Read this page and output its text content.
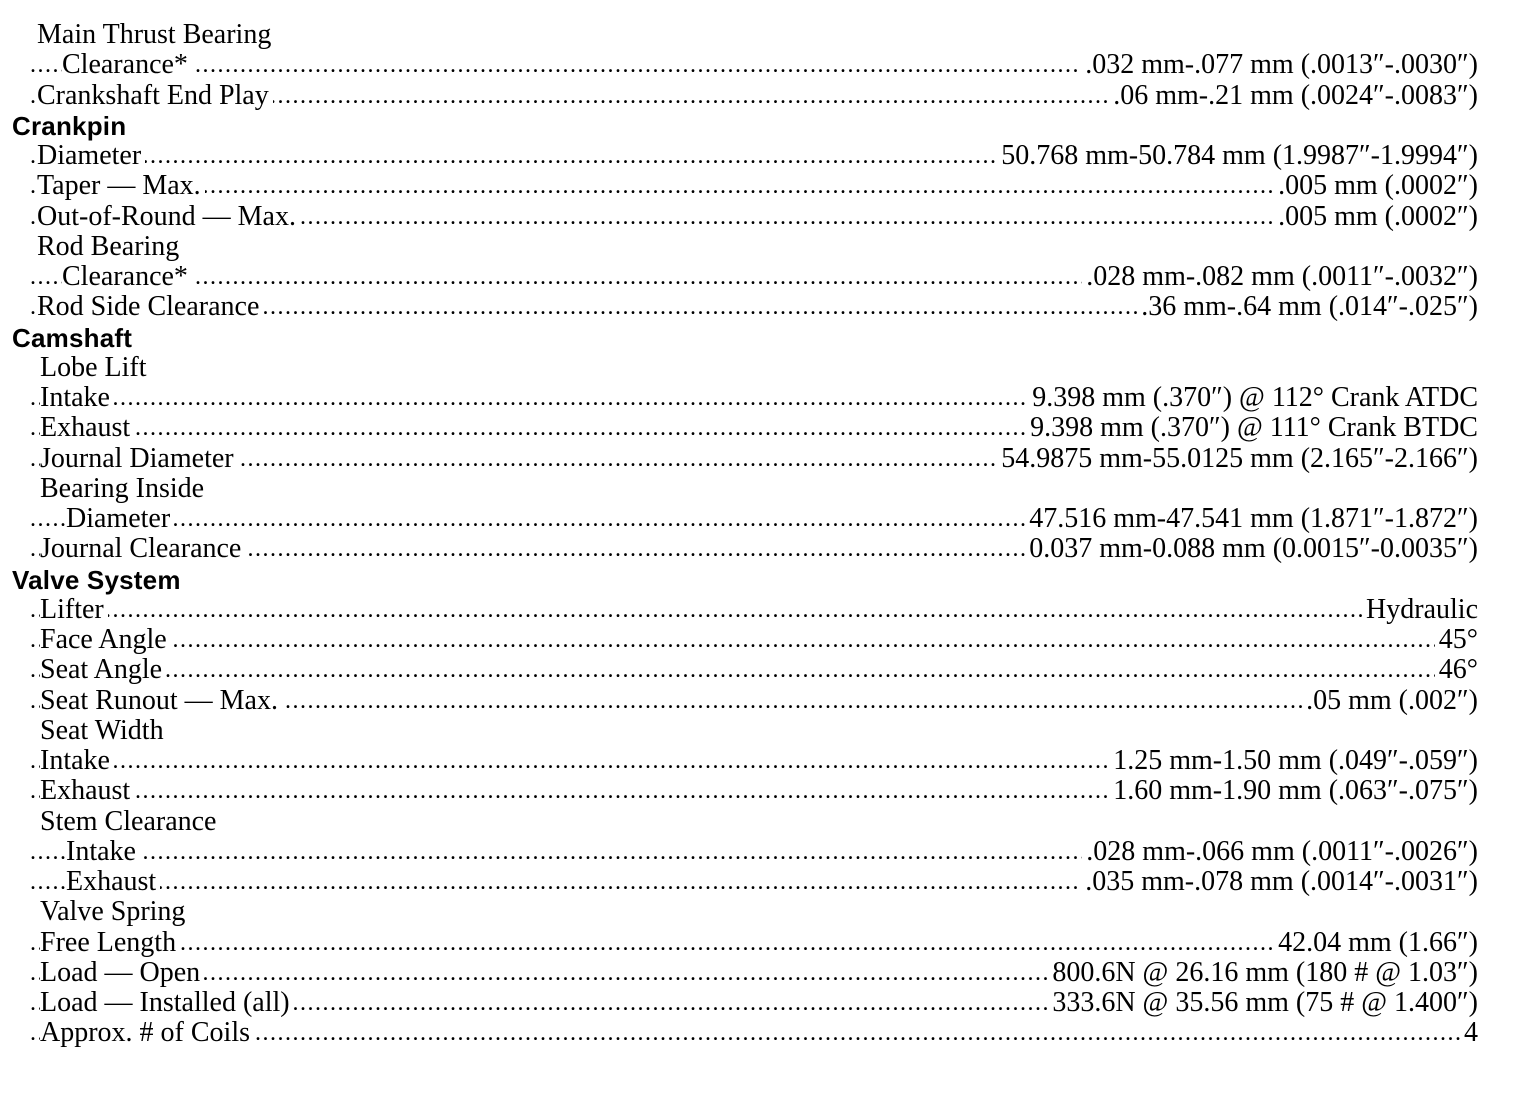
Main Thrust Bearing
.....
Clearance*	.032 mm-.077 mm (.0013″-.0030″)
.....
Crankshaft End Play	.06 mm-.21 mm (.0024″-.0083″)
Crankpin
.....
Diameter	50.768 mm-50.784 mm (1.9987″-1.9994″)
.....
Taper — Max.	.005 mm (.0002″)
.....
Out-of-Round — Max.	.005 mm (.0002″)
Rod Bearing
.....
Clearance*	.028 mm-.082 mm (.0011″-.0032″)
.....
Rod Side Clearance	.36 mm-.64 mm (.014″-.025″)
Camshaft
Lobe Lift
.....
Intake	9.398 mm (.370″) @ 112° Crank ATDC
.....
Exhaust	9.398 mm (.370″) @ 111° Crank BTDC
.....
Journal Diameter	54.9875 mm-55.0125 mm (2.165″-2.166″)
Bearing Inside
.....
Diameter	47.516 mm-47.541 mm (1.871″-1.872″)
.....
Journal Clearance	0.037 mm-0.088 mm (0.0015″-0.0035″)
Valve System
.....
Lifter	Hydraulic
.....
Face Angle	45°
.....
Seat Angle	46°
.....
Seat Runout — Max.	.05 mm (.002″)
Seat Width
.....
Intake	1.25 mm-1.50 mm (.049″-.059″)
.....
Exhaust	1.60 mm-1.90 mm (.063″-.075″)
Stem Clearance
.....
Intake	.028 mm-.066 mm (.0011″-.0026″)
.....
Exhaust	.035 mm-.078 mm (.0014″-.0031″)
Valve Spring
.....
Free Length	42.04 mm (1.66″)
.....
Load — Open	800.6N @ 26.16 mm (180 # @ 1.03″)
.....
Load — Installed (all)	333.6N @ 35.56 mm (75 # @ 1.400″)
.....
Approx. # of Coils	4
